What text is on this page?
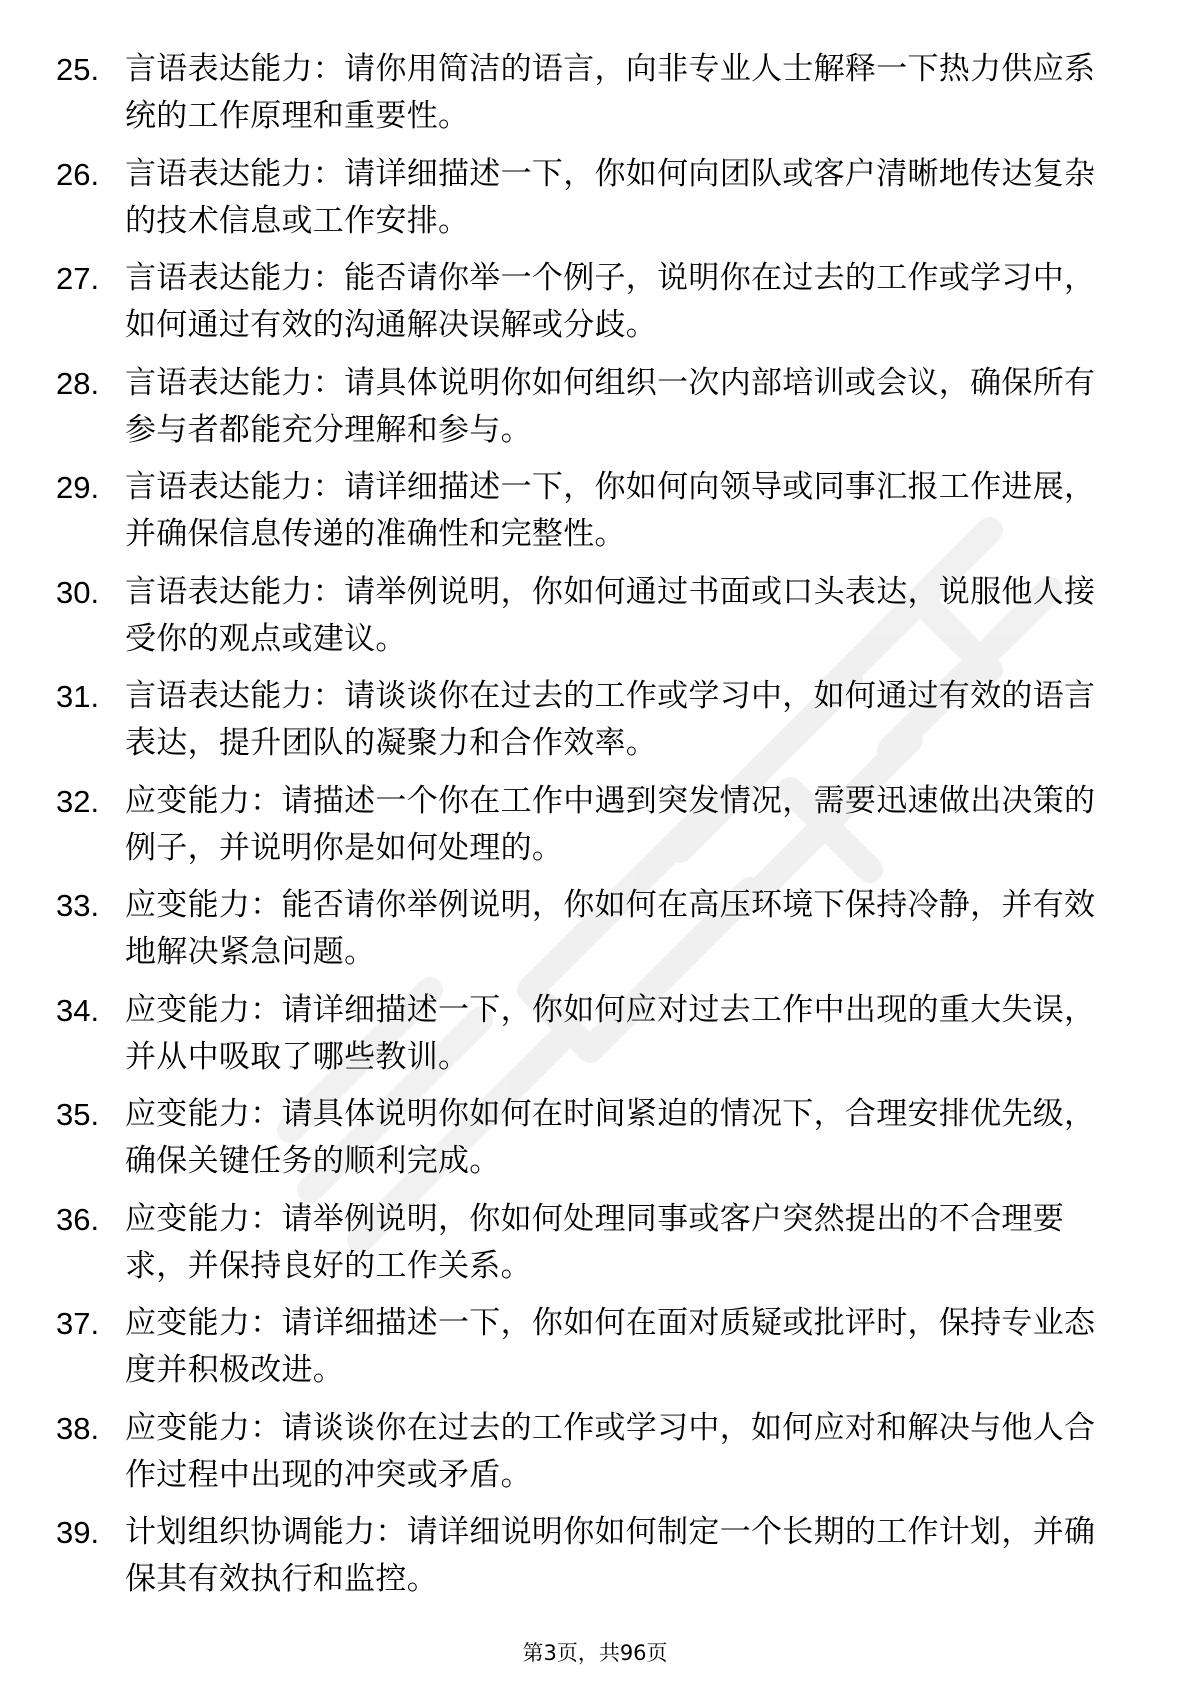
25. 言语表达能力：请你用简洁的语言，向非专业人士解释一下热力供应系统的工作原理和重要性。
26. 言语表达能力：请详细描述一下，你如何向团队或客户清晰地传达复杂的技术信息或工作安排。
27. 言语表达能力：能否请你举一个例子，说明你在过去的工作或学习中，如何通过有效的沟通解决误解或分歧。
28. 言语表达能力：请具体说明你如何组织一次内部培训或会议，确保所有参与者都能充分理解和参与。
29. 言语表达能力：请详细描述一下，你如何向领导或同事汇报工作进展，并确保信息传递的准确性和完整性。
30. 言语表达能力：请举例说明，你如何通过书面或口头表达，说服他人接受你的观点或建议。
31. 言语表达能力：请谈谈你在过去的工作或学习中，如何通过有效的语言表达，提升团队的凝聚力和合作效率。
32. 应变能力：请描述一个你在工作中遇到突发情况，需要迅速做出决策的例子，并说明你是如何处理的。
33. 应变能力：能否请你举例说明，你如何在高压环境下保持冷静，并有效地解决紧急问题。
34. 应变能力：请详细描述一下，你如何应对过去工作中出现的重大失误，并从中吸取了哪些教训。
35. 应变能力：请具体说明你如何在时间紧迫的情况下，合理安排优先级，确保关键任务的顺利完成。
36. 应变能力：请举例说明，你如何处理同事或客户突然提出的不合理要求，并保持良好的工作关系。
37. 应变能力：请详细描述一下，你如何在面对质疑或批评时，保持专业态度并积极改进。
38. 应变能力：请谈谈你在过去的工作或学习中，如何应对和解决与他人合作过程中出现的冲突或矛盾。
39. 计划组织协调能力：请详细说明你如何制定一个长期的工作计划，并确保其有效执行和监控。
第3页，共96页
